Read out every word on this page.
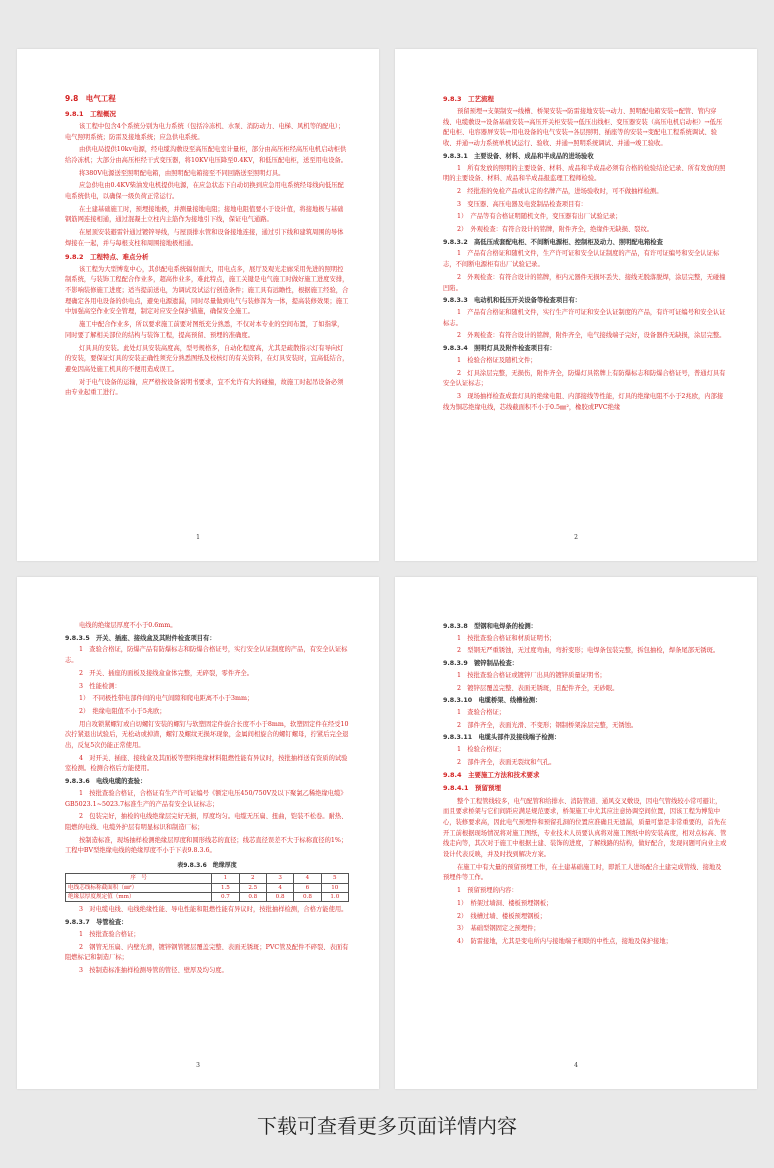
9.8　电气工程
9.8.1　工程概况
该工程中包含4个系统分别为电力系统（包括冷冻机、水泵、消防动力、电梯、风机等的配电）；电气照明系统；防雷及接地系统；应急供电系统。
由供电局提供10kv电源，经电缆沟敷设至高压配电室计量柜，部分由高压柜经高压电机启动柜供给冷冻机；大部分由高压柜经干式变压器，将10KV电压降至0.4KV，和低压配电柜，送至用电设备。
将380V电源送至照明配电箱，由照明配电箱接至不同回路送至照明灯具。
应急供电由0.4KV柴油发电机提供电源，在应急状态下自动切换到应急用电系统经母线向低压配电系统供电，以确保一级负荷正常运行。
在土建基础施工时，预埋接地极，并测量接地电阻；接地电阻值要小于设计值，将接地极与基础钢筋网连接相通，通过混凝土立柱内主筋作为接地引下线，保证电气通路。
在屋顶安装避雷针通过镀锌导线，与屋顶排水管和设备接地连接，通过引下线和建筑周围的导体焊接在一起，并与每根支柱和周围接地极相通。
9.8.2　工程特点、难点分析
该工程为大型博览中心，其供配电系统辐射面大，用电点多，展厅及观光走廊采用先进的照明控制系统，与装饰工程配合作业多，超高作业多，难此特点，施工关键是电气施工时做好施工进度安排，不影响装修施工进度；适当提前送电，为调试及试运行创造条件；施工具有远瞻性，根据施工经验，合理确定各用电设备的供电点，避免电源遗漏，同时尽量做到电气与装修浑为一体，提高装修效果；施工中加强高空作业安全管理，制定对应安全保护措施，确保安全施工。
施工中配合作业多，所以要求施工前要对图纸充分熟悉，不仅对本专业的空间布置，了如指掌，同时要了解相关部位的结构与装饰工程，提高预留、预埋的准确度。
灯具具的安装。此处灯具安装高度高，型号规格多，自动化程度高，尤其是疏散指示灯有导向灯的安装，要保证灯具的安装正确性须充分熟悉图纸及校核灯的有关资料，在灯具安装时，宜高低结合，避免因高处施工机具的不便用造成误工。
对于电气设备的运输，应严格按设备说明书要求，宜不允许有大的碰撞，故施工时起吊设备必须由专业起重工进行。
1
9.8.3　工艺流程
预留预埋→支架制安→线槽、桥架安装→防雷接地安装→动力、照明配电箱安装→配管、管内穿线、电缆敷设→设备基础安装→高压开关柜安装→低压出线柜、变压器安装（高压电机启动柜）→低压配电柜、电容器屏安装→用电设备的电气安装→各层照明、插座等的安装→变配电工程系统调试、验收、并通→动力系统单机试运行、验收、并通→照明系统调试、并通→竣工验收。
9.8.3.1　主要设备、材料、成品和半成品的进场验收
1　所有发放的照明的主要设备、材料、成品和半成品必须有合格的检验结论记录、所有发放的照明的主要设备、材料、成品和半成品报监理工程师检验。
2　经批准的免检产品或认定的名牌产品，进场验收时，可不做抽样检测。
3　变压器、高压电器及电瓷制品检查项目有：
1）　产品等有合格证明随机文件，变压器有出厂试验记录；
2）　外观检查：有符合设计的铭牌，附件齐全，绝缘件无缺损、裂纹。
9.8.3.2　高低压成套配电柜、不间断电源柜、控制柜及动力、照明配电箱检查
1　产品有合格证和随机文件，生产许可证和安全认证制度的产品，有许可证编号和安全认证标志，不间断电源柜有出厂试验记录。
2　外观检查：有符合设计的铭牌，柜内元器件无损坏丢失、接线无脱落脱焊，涂层完整，无碰撞凹陷。
9.8.3.3　电动机和低压开关设备等检查项目有：
1　产品有合格证和随机文件，实行生产许可证和安全认证制度的产品，有许可证编号和安全认证标志。
2　外观检查：有符合设计的铭牌，附件齐全，电气接线端子完好，设备器件无缺损，涂层完整。
9.8.3.4　照明灯具及附件检查项目有：
1　检验合格证及随机文件；
2　灯具涂层完整，无损伤，附件齐全，防爆灯具铭牌上有防爆标志和防爆合格证号，普通灯具有安全认证标志；
3　现场抽样检查成套灯具的绝缘电阻、内部接线等性能，灯具的绝缘电阻不小于2兆欧，内部接线为铜芯绝缘电线，芯线截面积不小于0.5㎜²，橡胶或PVC绝缘
2
电线的绝缘层厚度不小于0.6mm。
9.8.3.5　开关、插座、接线盒及其附件检查项目有：
1　查验合格证，防爆产品有防爆标志和防爆合格证号，实行安全认证制度的产品，有安全认证标志。
2　开关、插座的面板及接线盒盒体完整，无碎裂，零件齐全。
3　性能检测：
1）　不同极性带电部件间的电气间隙和爬电距离不小于3mm；
2）　绝缘电阻值不小于5兆欧；
用自攻锁紧螺钉或自切螺钉安装的螺钉与软塑固定件旋合长度不小于8mm，软塑固定件在经受10次拧紧退出试验后，无松动或掉渣，螺钉及螺纹无损坏现象，金属间相旋合的螺钉螺母，拧紧后完全退出，反复5次仍能正常使用。
4　对开关、插座、接线盒及其面板等塑料绝缘材料阻燃性能有异议时，按批抽样送有资质的试验室检测。检测合格后方能使用。
9.8.3.6　电线电缆的查验：
1　按批查验合格证，合格证有生产许可证编号《额定电压450/750V及以下聚氯乙稀绝缘电缆》GB5023.1~5023.7标准生产的产品有安全认证标志；
2　包装完好，抽检的电线绝缘层完好无损，厚度均匀。电缆无压扁、扭曲，铠装不松卷。耐热、阻燃的电线、电缆外护层有明显标识和制造厂标；
按制造标准，现场抽样检测绝缘层厚度和圆形线芯的直径；线芯直径误差不大于标称直径的1%；工程中BV型绝缘电线的绝缘厚度不小于下表9.8.3.6。
表9.8.3.6　绝缘厚度
序　号	1	2	3	4	5
电线芯线标称截面积（㎜²）	1.5	2.5	4	6	10
绝缘层厚度规定值（mm）	0.7	0.8	0.8	0.8	1.0
3　对电缆电线、电线绝缘性能、导电性能和阻燃性能有异议时，按批抽样检测，合格方能使用。
9.8.3.7　导管检查：
1　按批查验合格证；
2　钢管无压扁、内壁光滑，镀锌钢管镀层覆盖完整、表面无锈斑；PVC管及配件不碎裂、表面有阻燃标记和制造厂标；
3　按制造标准抽样检测导管的管径、壁厚及均匀度。
3
9.8.3.8　型钢和电焊条的检测：
1　按批查验合格证和材质证明书；
2　型钢无严重锈蚀，无过度弯曲，弯折变形；电焊条包装完整，拆包抽检，焊条尾部无锈斑。
9.8.3.9　镀锌制品检查：
1　按批查验合格证或镀锌厂出具的镀锌质量证明书；
2　镀锌层覆盖完整、表面无锈斑，且配件齐全，无砂眼。
9.8.3.10　电缆桥架、线槽检测：
1　查验合格证；
2　部件齐全，表面光滑、不变形；钢制桥架涂层完整，无锈蚀。
9.8.3.11　电缆头部件及接线端子检测：
1　检验合格证；
2　部件齐全，表面无裂纹和气孔。
9.8.4　主要施工方法和技术要求
9.8.4.1　预留预埋
整个工程管线较多，电气配管和给排水、消防管道、通风交叉敷设，因电气管线较小常可避让，而且要求桥架与它们间距应满足规范要求，桥架施工中尤其应注意协调空间位置，因该工程为博览中心，装修要求高，因此电气预埋件和预留孔洞的位置应准确且无遗漏，质量可靠是非常重要的，首先在开工前根据现场情况将对施工图纸，专业技术人员要认真将对施工图纸中的安装高度，相对点标高、管线走向等，其次对于施工中根据土建、装饰的进度，了解线路的结构，做好配合，发现问题可向业主或设计代表反映，并及时找到解决方案。
在施工中有大量的预留预埋工作，在土建基础施工时，即派工人进场配合土建完成管线、接地及预埋件等工作。
1　预留预埋的内容：
1）　桥架过墙洞、楼板预埋钢板；
2）　线槽过墙、楼板预埋钢板；
3）　基础型钢固定之预埋件；
4）　防雷接地，尤其是变电所内与接地端子相联的中性点，接地及保护接地；
4
下载可查看更多页面详情内容
